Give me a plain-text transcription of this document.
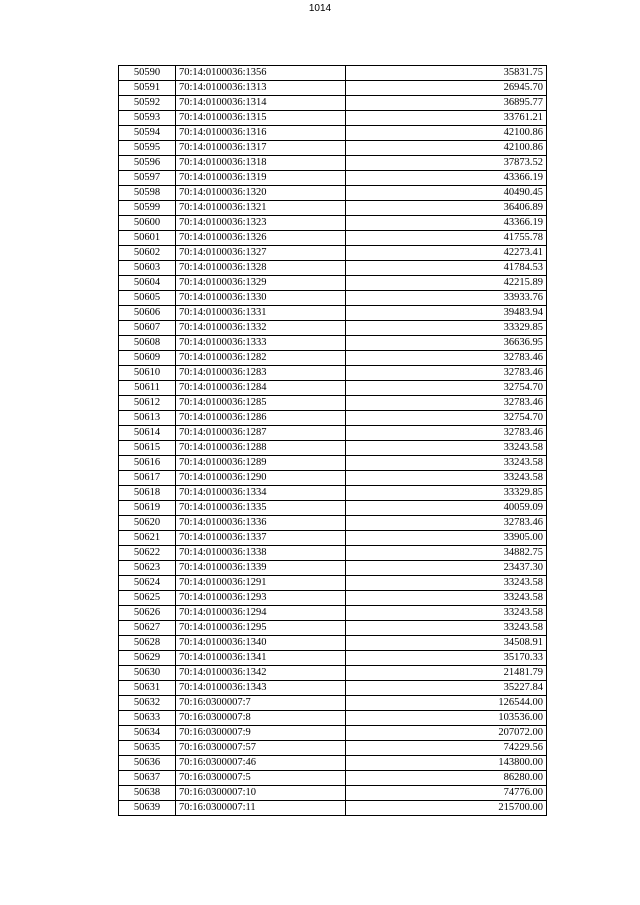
1014
50590	70:14:0100036:1356	35831.75
50591	70:14:0100036:1313	26945.70
50592	70:14:0100036:1314	36895.77
50593	70:14:0100036:1315	33761.21
50594	70:14:0100036:1316	42100.86
50595	70:14:0100036:1317	42100.86
50596	70:14:0100036:1318	37873.52
50597	70:14:0100036:1319	43366.19
50598	70:14:0100036:1320	40490.45
50599	70:14:0100036:1321	36406.89
50600	70:14:0100036:1323	43366.19
50601	70:14:0100036:1326	41755.78
50602	70:14:0100036:1327	42273.41
50603	70:14:0100036:1328	41784.53
50604	70:14:0100036:1329	42215.89
50605	70:14:0100036:1330	33933.76
50606	70:14:0100036:1331	39483.94
50607	70:14:0100036:1332	33329.85
50608	70:14:0100036:1333	36636.95
50609	70:14:0100036:1282	32783.46
50610	70:14:0100036:1283	32783.46
50611	70:14:0100036:1284	32754.70
50612	70:14:0100036:1285	32783.46
50613	70:14:0100036:1286	32754.70
50614	70:14:0100036:1287	32783.46
50615	70:14:0100036:1288	33243.58
50616	70:14:0100036:1289	33243.58
50617	70:14:0100036:1290	33243.58
50618	70:14:0100036:1334	33329.85
50619	70:14:0100036:1335	40059.09
50620	70:14:0100036:1336	32783.46
50621	70:14:0100036:1337	33905.00
50622	70:14:0100036:1338	34882.75
50623	70:14:0100036:1339	23437.30
50624	70:14:0100036:1291	33243.58
50625	70:14:0100036:1293	33243.58
50626	70:14:0100036:1294	33243.58
50627	70:14:0100036:1295	33243.58
50628	70:14:0100036:1340	34508.91
50629	70:14:0100036:1341	35170.33
50630	70:14:0100036:1342	21481.79
50631	70:14:0100036:1343	35227.84
50632	70:16:0300007:7	126544.00
50633	70:16:0300007:8	103536.00
50634	70:16:0300007:9	207072.00
50635	70:16:0300007:57	74229.56
50636	70:16:0300007:46	143800.00
50637	70:16:0300007:5	86280.00
50638	70:16:0300007:10	74776.00
50639	70:16:0300007:11	215700.00
